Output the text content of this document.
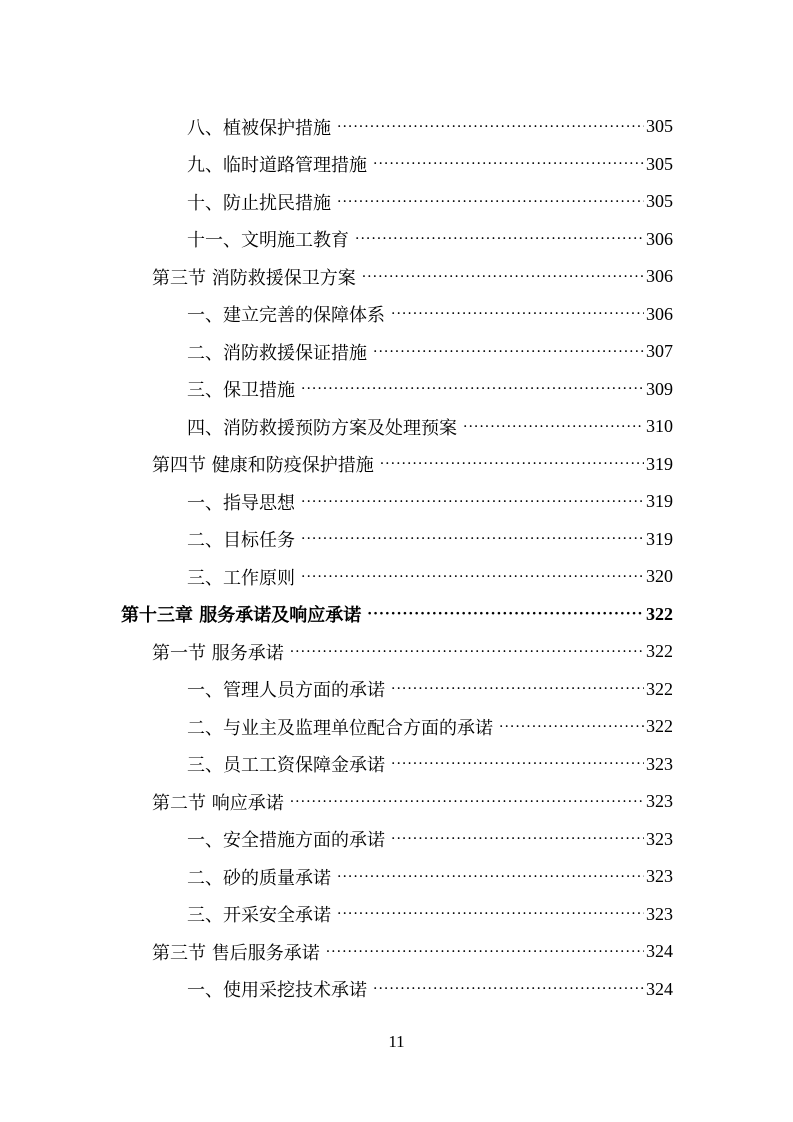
八、植被保护措施 ·····	305
九、临时道路管理措施 ·····	305
十、防止扰民措施 ·····	305
十一、文明施工教育 ·····	306
第三节 消防救援保卫方案 ·····	306
一、建立完善的保障体系 ·····	306
二、消防救援保证措施 ·····	307
三、保卫措施 ·····	309
四、消防救援预防方案及处理预案 ·····	310
第四节 健康和防疫保护措施 ·····	319
一、指导思想 ·····	319
二、目标任务 ·····	319
三、工作原则 ·····	320
第十三章 服务承诺及响应承诺 ·····	322
第一节 服务承诺 ·····	322
一、管理人员方面的承诺 ·····	322
二、与业主及监理单位配合方面的承诺 ·····	322
三、员工工资保障金承诺 ·····	323
第二节 响应承诺 ·····	323
一、安全措施方面的承诺 ·····	323
二、砂的质量承诺 ·····	323
三、开采安全承诺 ·····	323
第三节 售后服务承诺 ·····	324
一、使用采挖技术承诺 ·····	324
11
